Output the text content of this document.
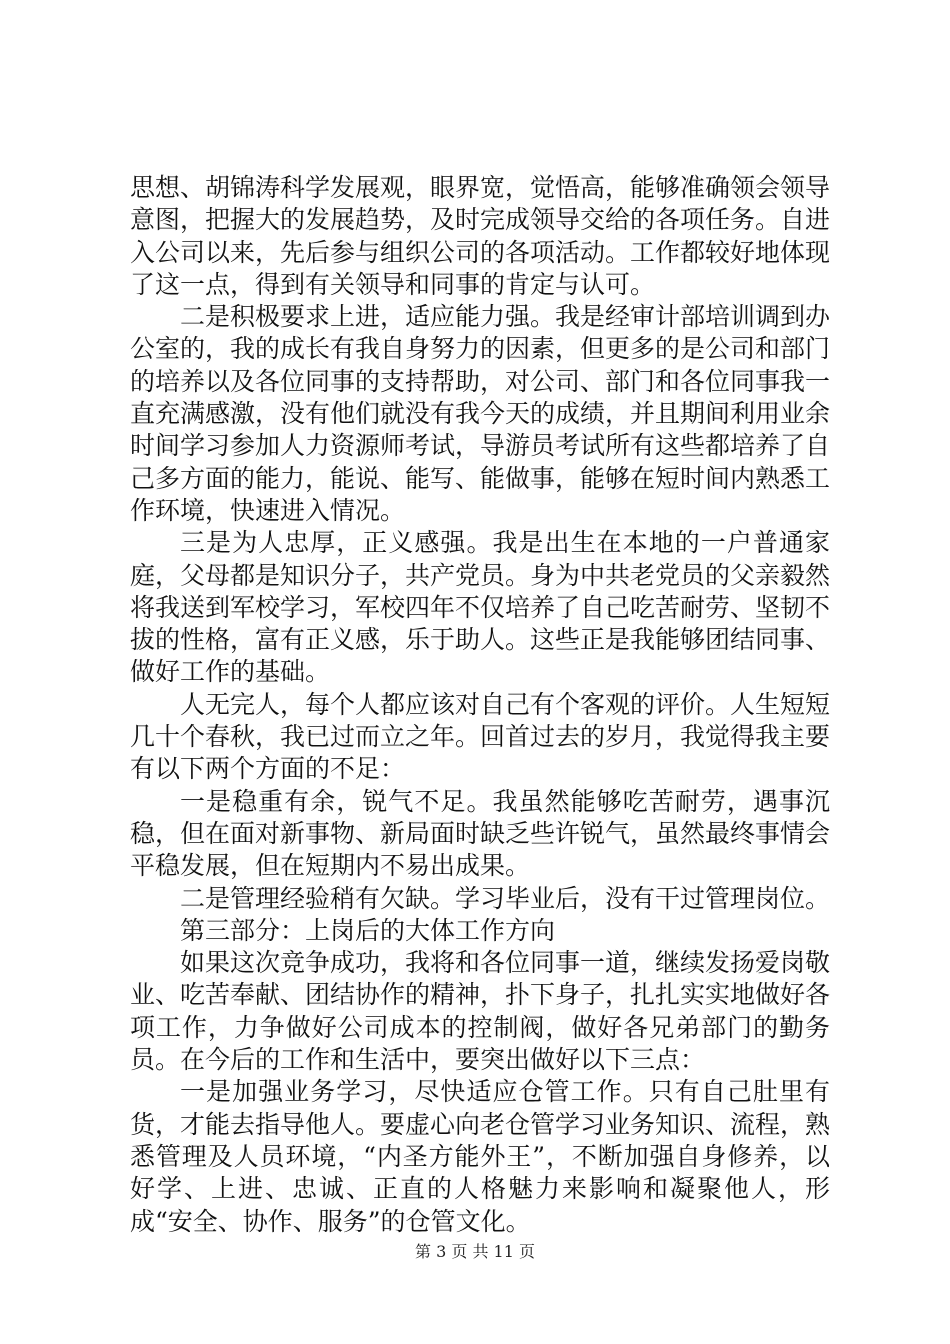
思想、胡锦涛科学发展观，眼界宽，觉悟高，能够准确领会领导意图，把握大的发展趋势，及时完成领导交给的各项任务。自进入公司以来，先后参与组织公司的各项活动。工作都较好地体现了这一点，得到有关领导和同事的肯定与认可。

二是积极要求上进，适应能力强。我是经审计部培训调到办公室的，我的成长有我自身努力的因素，但更多的是公司和部门的培养以及各位同事的支持帮助，对公司、部门和各位同事我一直充满感激，没有他们就没有我今天的成绩，并且期间利用业余时间学习参加人力资源师考试，导游员考试所有这些都培养了自己多方面的能力，能说、能写、能做事，能够在短时间内熟悉工作环境，快速进入情况。

三是为人忠厚，正义感强。我是出生在本地的一户普通家庭，父母都是知识分子，共产党员。身为中共老党员的父亲毅然将我送到军校学习，军校四年不仅培养了自己吃苦耐劳、坚韧不拔的性格，富有正义感，乐于助人。这些正是我能够团结同事、做好工作的基础。

人无完人，每个人都应该对自己有个客观的评价。人生短短几十个春秋，我已过而立之年。回首过去的岁月，我觉得我主要有以下两个方面的不足：

一是稳重有余，锐气不足。我虽然能够吃苦耐劳，遇事沉稳，但在面对新事物、新局面时缺乏些许锐气，虽然最终事情会平稳发展，但在短期内不易出成果。

二是管理经验稍有欠缺。学习毕业后，没有干过管理岗位。

第三部分：上岗后的大体工作方向

如果这次竞争成功，我将和各位同事一道，继续发扬爱岗敬业、吃苦奉献、团结协作的精神，扑下身子，扎扎实实地做好各项工作，力争做好公司成本的控制阀，做好各兄弟部门的勤务员。在今后的工作和生活中，要突出做好以下三点：

一是加强业务学习，尽快适应仓管工作。只有自己肚里有货，才能去指导他人。要虚心向老仓管学习业务知识、流程，熟悉管理及人员环境，“内圣方能外王”，不断加强自身修养，以好学、上进、忠诚、正直的人格魅力来影响和凝聚他人，形成“安全、协作、服务”的仓管文化。

第 3 页 共 11 页
